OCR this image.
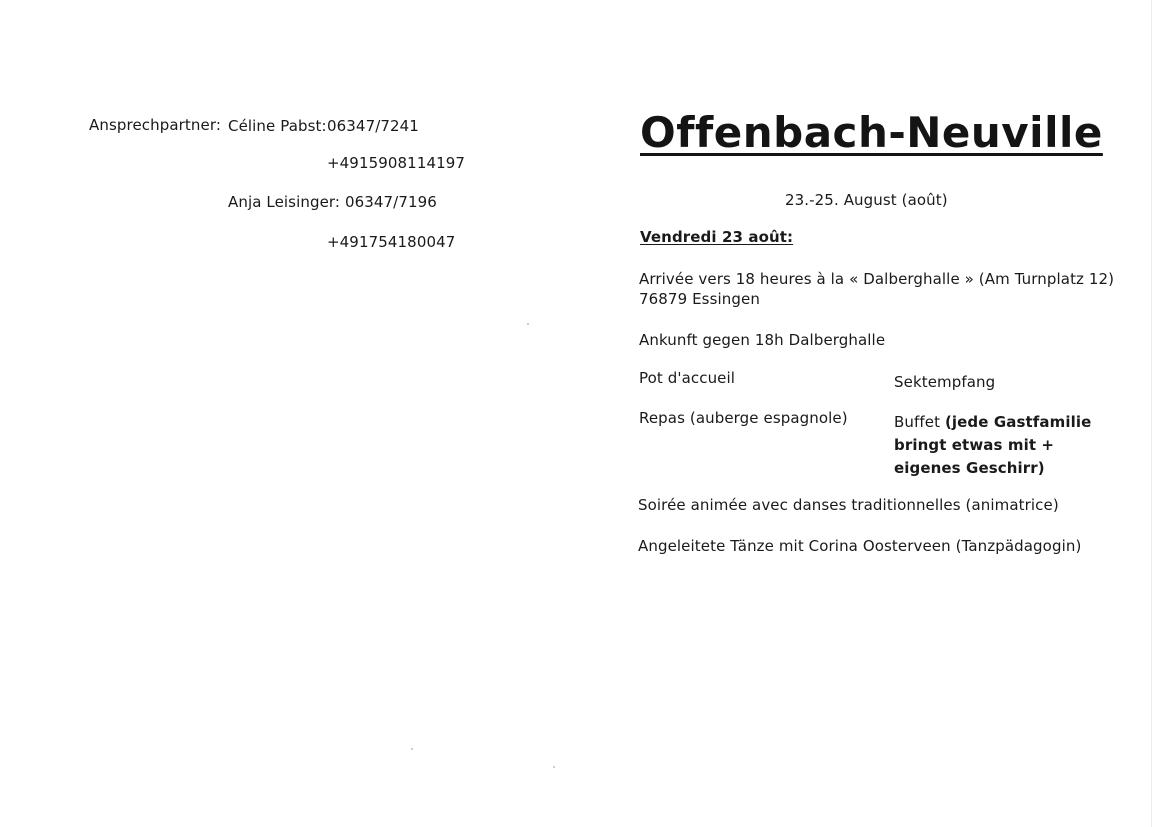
Ansprechpartner: Céline Pabst: 06347/7241
+4915908114197
Anja Leisinger: 06347/7196
+491754180047
Offenbach-Neuville
23.-25. August (août)
Vendredi 23 août:
Arrivée vers 18 heures à la « Dalberghalle » (Am Turnplatz 12)
76879 Essingen
Ankunft gegen 18h Dalberghalle
Pot d'accueil	Sektempfang
Repas (auberge espagnole)	Buffet (jede Gastfamilie
bringt etwas mit +
eigenes Geschirr)
Soirée animée avec danses traditionnelles (animatrice)
Angeleitete Tänze mit Corina Oosterveen (Tanzpädagogin)
